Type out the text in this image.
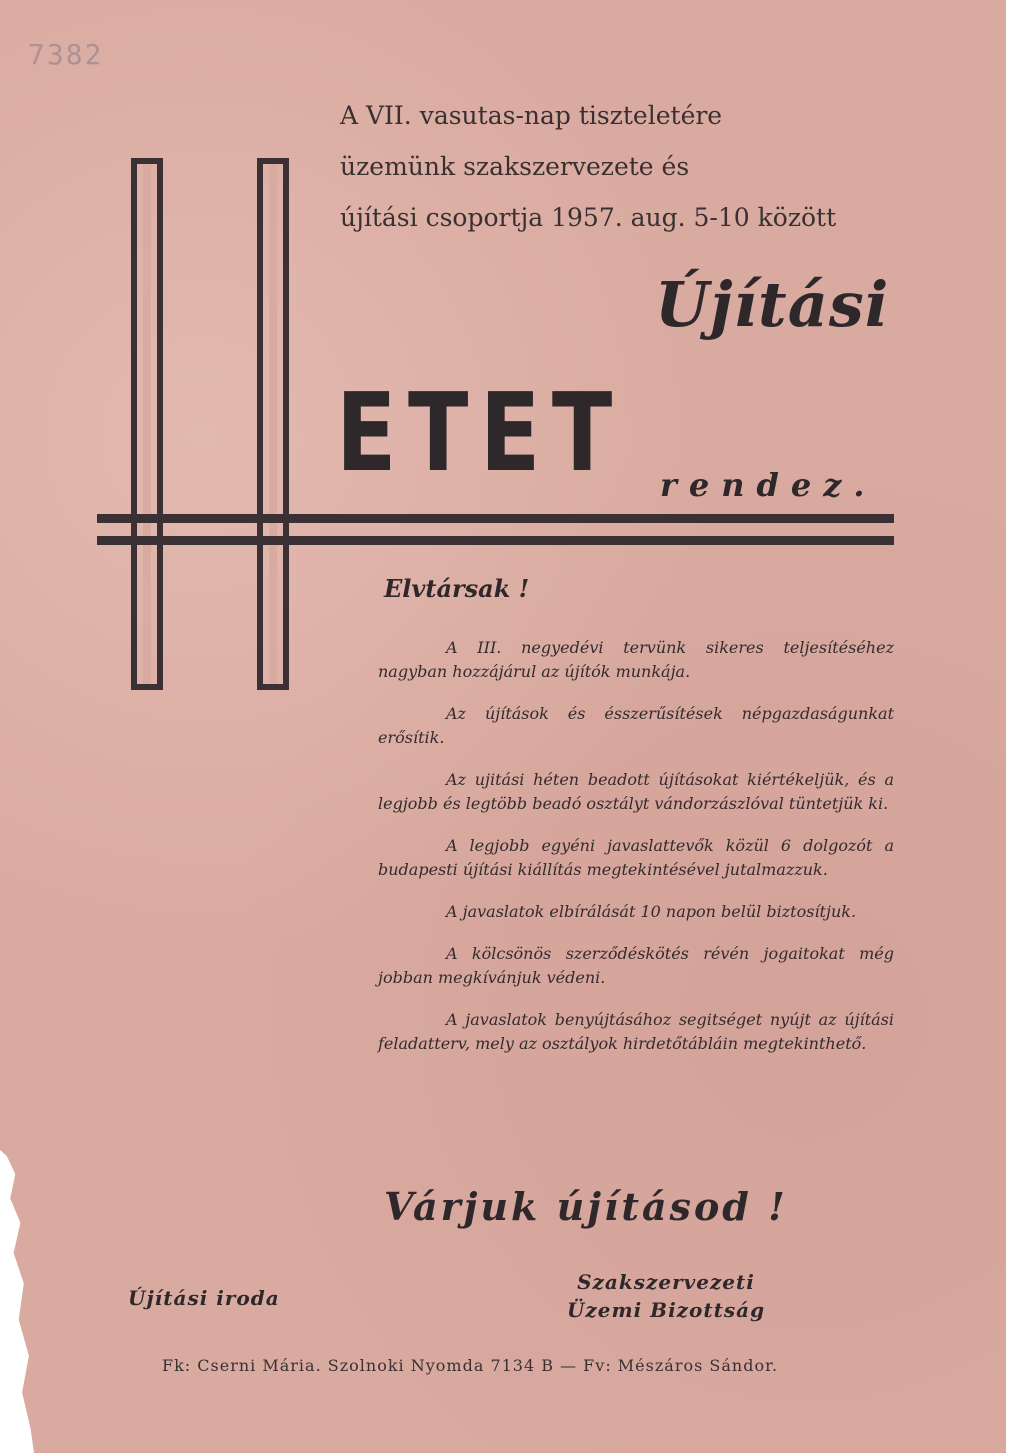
7382
A VII. vasutas-nap tiszteletére
üzemünk szakszervezete és
újítási csoportja 1957. aug. 5-10 között
Újítási
ETET rendez.
Elvtársak !

A III. negyedévi tervünk sikeres teljesítéséhez nagyban hozzájárul az újítók munkája.

Az újítások és ésszerűsítések népgazdaságunkat erősítik.

Az ujitási héten beadott újításokat kiértékeljük, és a legjobb és legtöbb beadó osztályt vándorzászlóval tüntetjük ki.

A legjobb egyéni javaslattevők közül 6 dolgozót a budapesti újítási kiállítás megtekintésével jutalmazzuk.

A javaslatok elbírálását 10 napon belül biztosítjuk.

A kölcsönös szerződéskötés révén jogaitokat még jobban megkívánjuk védeni.

A javaslatok benyújtásához segitséget nyújt az újítási feladatterv, mely az osztályok hirdetőtábláin megtekinthető.

Várjuk újításod !
Újítási iroda
Szakszervezeti
Üzemi Bizottság
Fk: Cserni Mária. Szolnoki Nyomda 7134 B — Fv: Mészáros Sándor.
